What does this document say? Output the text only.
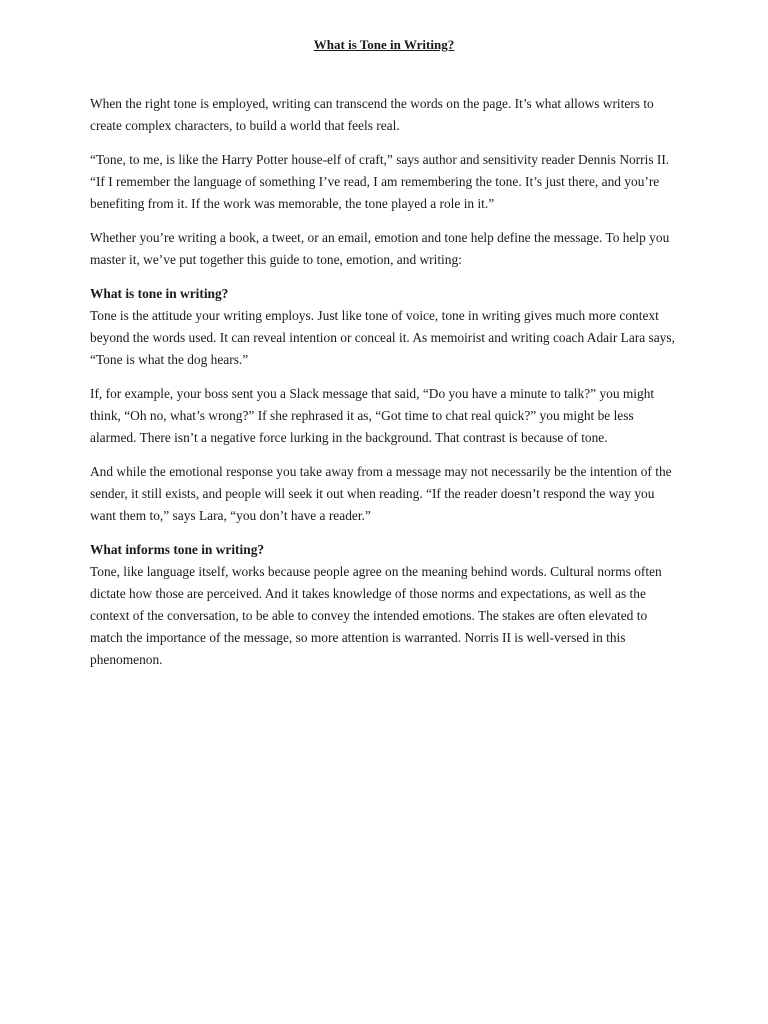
What is Tone in Writing?

When the right tone is employed, writing can transcend the words on the page. It’s what allows writers to create complex characters, to build a world that feels real.

“Tone, to me, is like the Harry Potter house-elf of craft,” says author and sensitivity reader Dennis Norris II. “If I remember the language of something I’ve read, I am remembering the tone. It’s just there, and you’re benefiting from it. If the work was memorable, the tone played a role in it.”

Whether you’re writing a book, a tweet, or an email, emotion and tone help define the message. To help you master it, we’ve put together this guide to tone, emotion, and writing:

What is tone in writing?

Tone is the attitude your writing employs. Just like tone of voice, tone in writing gives much more context beyond the words used. It can reveal intention or conceal it. As memoirist and writing coach Adair Lara says, “Tone is what the dog hears.”

If, for example, your boss sent you a Slack message that said, “Do you have a minute to talk?” you might think, “Oh no, what’s wrong?” If she rephrased it as, “Got time to chat real quick?” you might be less alarmed. There isn’t a negative force lurking in the background. That contrast is because of tone.

And while the emotional response you take away from a message may not necessarily be the intention of the sender, it still exists, and people will seek it out when reading. “If the reader doesn’t respond the way you want them to,” says Lara, “you don’t have a reader.”

What informs tone in writing?

Tone, like language itself, works because people agree on the meaning behind words. Cultural norms often dictate how those are perceived. And it takes knowledge of those norms and expectations, as well as the context of the conversation, to be able to convey the intended emotions. The stakes are often elevated to match the importance of the message, so more attention is warranted. Norris II is well-versed in this phenomenon.
